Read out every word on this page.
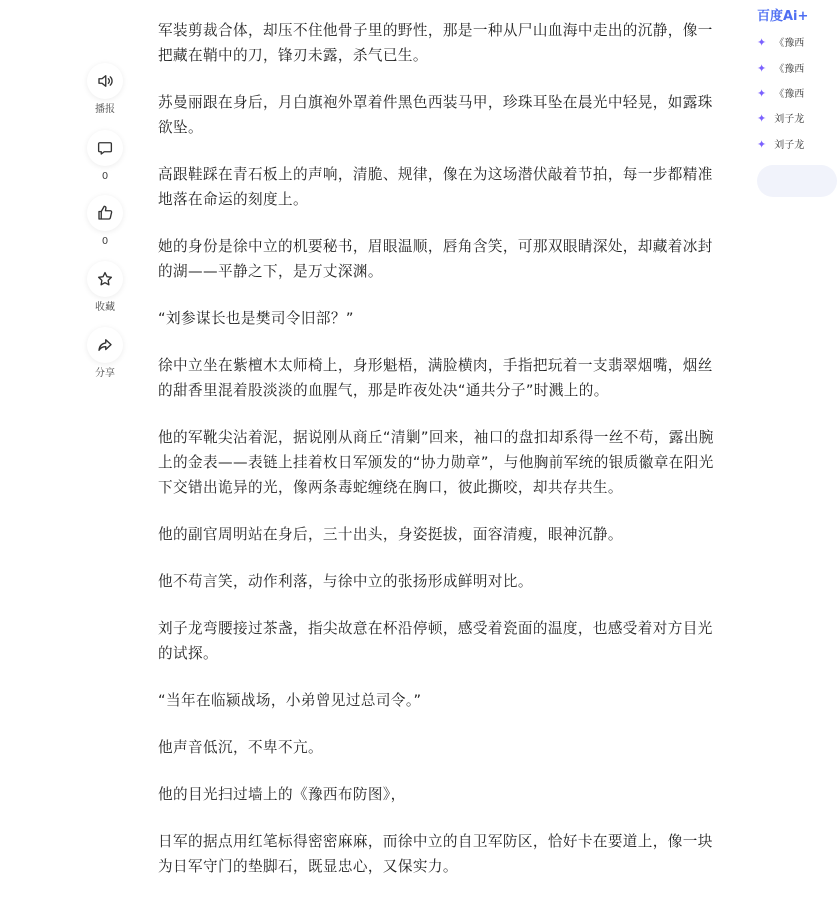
播报
0
0
收藏
分享

军装剪裁合体，却压不住他骨子里的野性，那是一种从尸山血海中走出的沉静，像一把藏在鞘中的刀，锋刃未露，杀气已生。

苏曼丽跟在身后，月白旗袍外罩着件黑色西装马甲，珍珠耳坠在晨光中轻晃，如露珠欲坠。

高跟鞋踩在青石板上的声响，清脆、规律，像在为这场潜伏敲着节拍，每一步都精准地落在命运的刻度上。

她的身份是徐中立的机要秘书，眉眼温顺，唇角含笑，可那双眼睛深处，却藏着冰封的湖——平静之下，是万丈深渊。

“刘参谋长也是樊司令旧部？”

徐中立坐在紫檀木太师椅上，身形魁梧，满脸横肉，手指把玩着一支翡翠烟嘴，烟丝的甜香里混着股淡淡的血腥气，那是昨夜处决“通共分子”时溅上的。

他的军靴尖沾着泥，据说刚从商丘“清剿”回来，袖口的盘扣却系得一丝不苟，露出腕上的金表——表链上挂着枚日军颁发的“协力勋章”，与他胸前军统的银质徽章在阳光下交错出诡异的光，像两条毒蛇缠绕在胸口，彼此撕咬，却共存共生。

他的副官周明站在身后，三十出头，身姿挺拔，面容清瘦，眼神沉静。

他不苟言笑，动作利落，与徐中立的张扬形成鲜明对比。

刘子龙弯腰接过茶盏，指尖故意在杯沿停顿，感受着瓷面的温度，也感受着对方目光的试探。

“当年在临颍战场，小弟曾见过总司令。”

他声音低沉，不卑不亢。

他的目光扫过墙上的《豫西布防图》，

日军的据点用红笔标得密密麻麻，而徐中立的自卫军防区，恰好卡在要道上，像一块为日军守门的垫脚石，既显忠心，又保实力。

百度Ai+
✦ 《豫西
✦ 《豫西
✦ 《豫西
✦ 刘子龙
✦ 刘子龙
